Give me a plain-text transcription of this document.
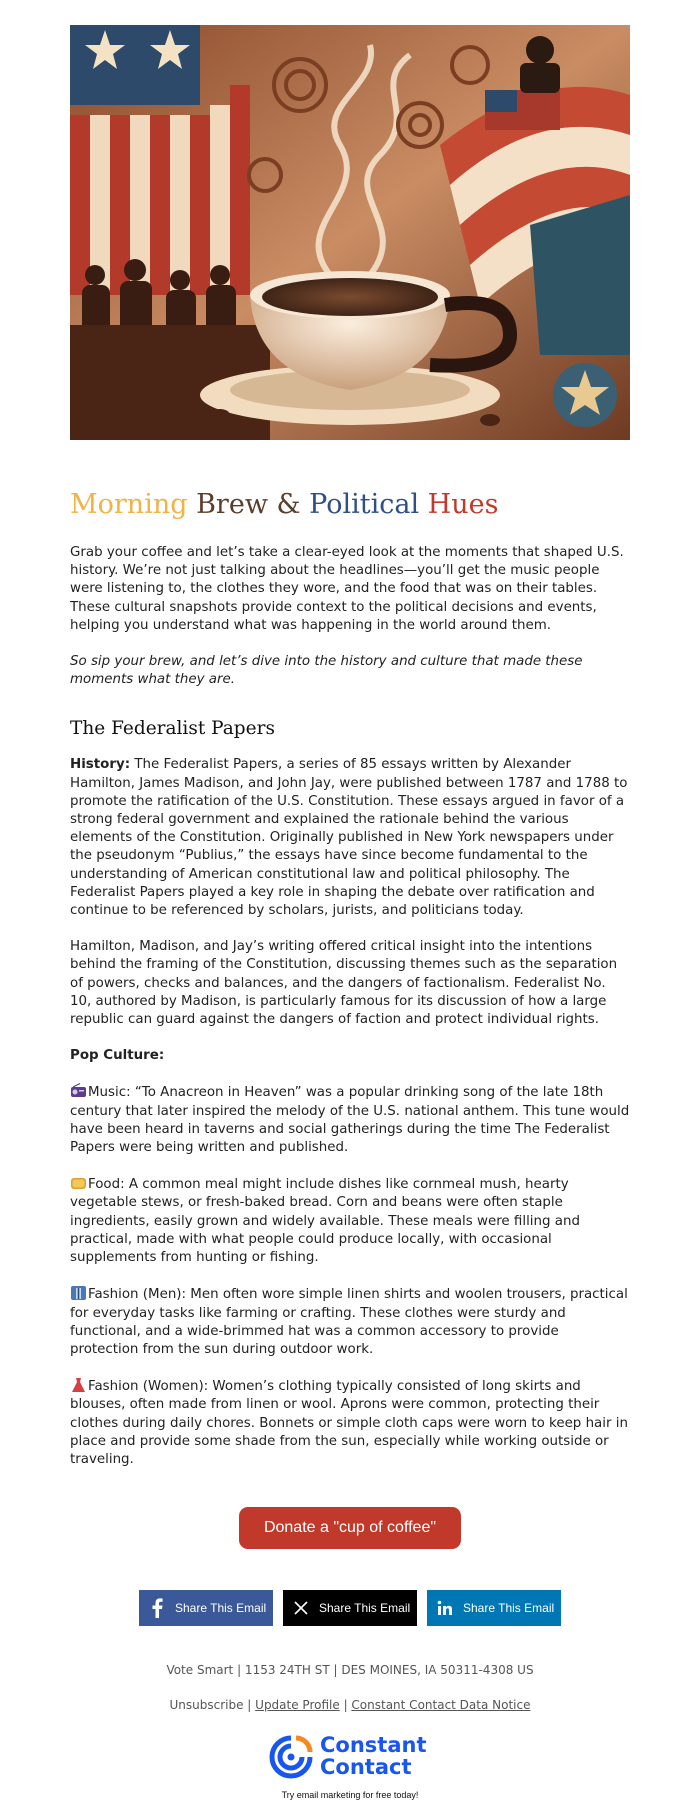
Morning Brew & Political Hues

Grab your coffee and let’s take a clear-eyed look at the moments that shaped U.S. history. We’re not just talking about the headlines—you’ll get the music people were listening to, the clothes they wore, and the food that was on their tables. These cultural snapshots provide context to the political decisions and events, helping you understand what was happening in the world around them.

So sip your brew, and let’s dive into the history and culture that made these moments what they are.

The Federalist Papers

History: The Federalist Papers, a series of 85 essays written by Alexander Hamilton, James Madison, and John Jay, were published between 1787 and 1788 to promote the ratification of the U.S. Constitution. These essays argued in favor of a strong federal government and explained the rationale behind the various elements of the Constitution. Originally published in New York newspapers under the pseudonym “Publius,” the essays have since become fundamental to the understanding of American constitutional law and political philosophy. The Federalist Papers played a key role in shaping the debate over ratification and continue to be referenced by scholars, jurists, and politicians today.

Hamilton, Madison, and Jay’s writing offered critical insight into the intentions behind the framing of the Constitution, discussing themes such as the separation of powers, checks and balances, and the dangers of factionalism. Federalist No. 10, authored by Madison, is particularly famous for its discussion of how a large republic can guard against the dangers of faction and protect individual rights.

Pop Culture:

Music: “To Anacreon in Heaven” was a popular drinking song of the late 18th century that later inspired the melody of the U.S. national anthem. This tune would have been heard in taverns and social gatherings during the time The Federalist Papers were being written and published.

Food: A common meal might include dishes like cornmeal mush, hearty vegetable stews, or fresh-baked bread. Corn and beans were often staple ingredients, easily grown and widely available. These meals were filling and practical, made with what people could produce locally, with occasional supplements from hunting or fishing.

Fashion (Men): Men often wore simple linen shirts and woolen trousers, practical for everyday tasks like farming or crafting. These clothes were sturdy and functional, and a wide-brimmed hat was a common accessory to provide protection from the sun during outdoor work.

Fashion (Women): Women’s clothing typically consisted of long skirts and blouses, often made from linen or wool. Aprons were common, protecting their clothes during daily chores. Bonnets or simple cloth caps were worn to keep hair in place and provide some shade from the sun, especially while working outside or traveling.

Donate a "cup of coffee"
Share This Email	Share This Email	Share This Email
Vote Smart | 1153 24TH ST | DES MOINES, IA 50311-4308 US
Unsubscribe | Update Profile | Constant Contact Data Notice
Constant
Contact
Try email marketing for free today!
